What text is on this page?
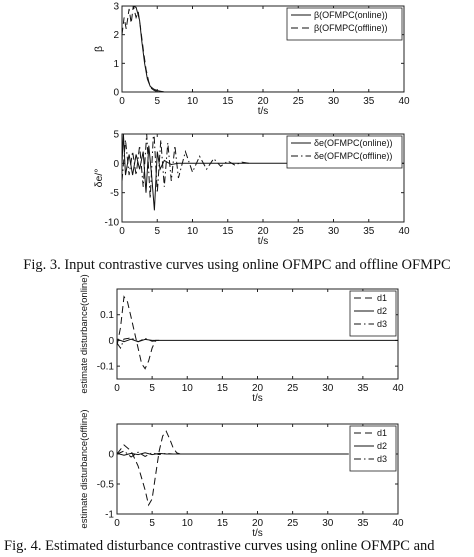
0	5	10 15 20 25 30 35 40
0
1
2
3
t/s
β
β(OFMPC(online))
β(OFMPC(offline))
0	5	10 15 20 25 30 35 40
-10
-5
0
5
t/s
δe/°
δe(OFMPC(online))
δe(OFMPC(offline))
0	5	10 15 20 25 30 35 40
-0.1
0
0.1
t/s
estimate disturbance(online)	d1
d2
d3
0	5	10 15 20 25 30 35 40
-1
-0.5
0
t/s
estimate disturbance(offline)	d1
d2
d3
Fig. 3. Input contrastive curves using online OFMPC and offline OFMPC
Fig. 4. Estimated disturbance contrastive curves using online OFMPC and
